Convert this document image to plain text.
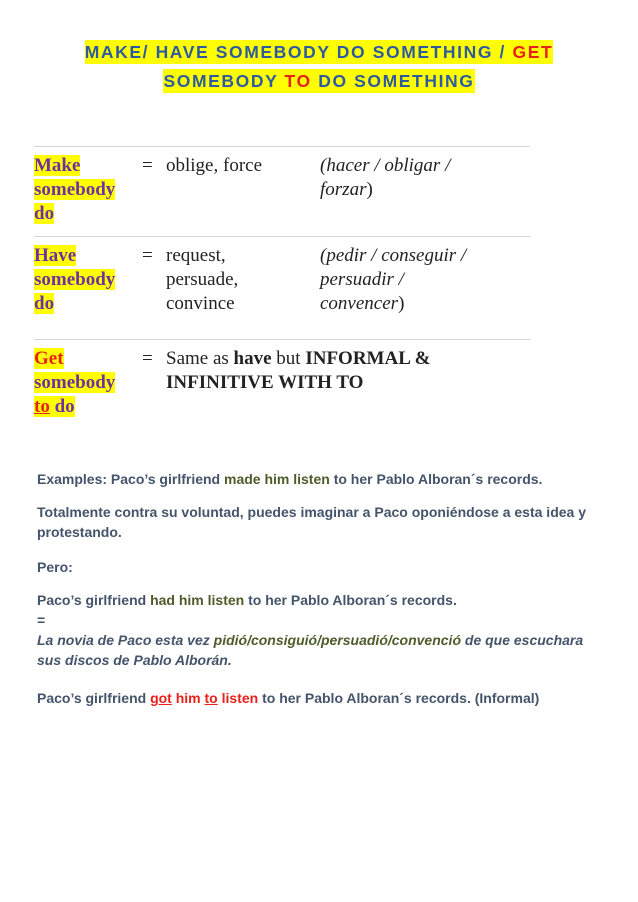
MAKE/ HAVE SOMEBODY DO SOMETHING / GET
SOMEBODY TO DO SOMETHING
Make
somebody
do
= oblige, force	(hacer / obligar /
forzar)
Have
somebody
do
= request,
persuade,
convince
(pedir / conseguir /
persuadir /
convencer)
Get
somebody
to do
= Same as have but INFORMAL &
INFINITIVE WITH TO
Examples: Paco’s girlfriend made him listen to her Pablo Alboran´s records.
Totalmente contra su voluntad, puedes imaginar a Paco oponiéndose a esta idea y protestando.
Pero:
Paco’s girlfriend had him listen to her Pablo Alboran´s records.
=
La novia de Paco esta vez pidió/consiguió/persuadió/convenció de que escuchara sus discos de Pablo Alborán.
Paco’s girlfriend got him to listen to her Pablo Alboran´s records. (Informal)
